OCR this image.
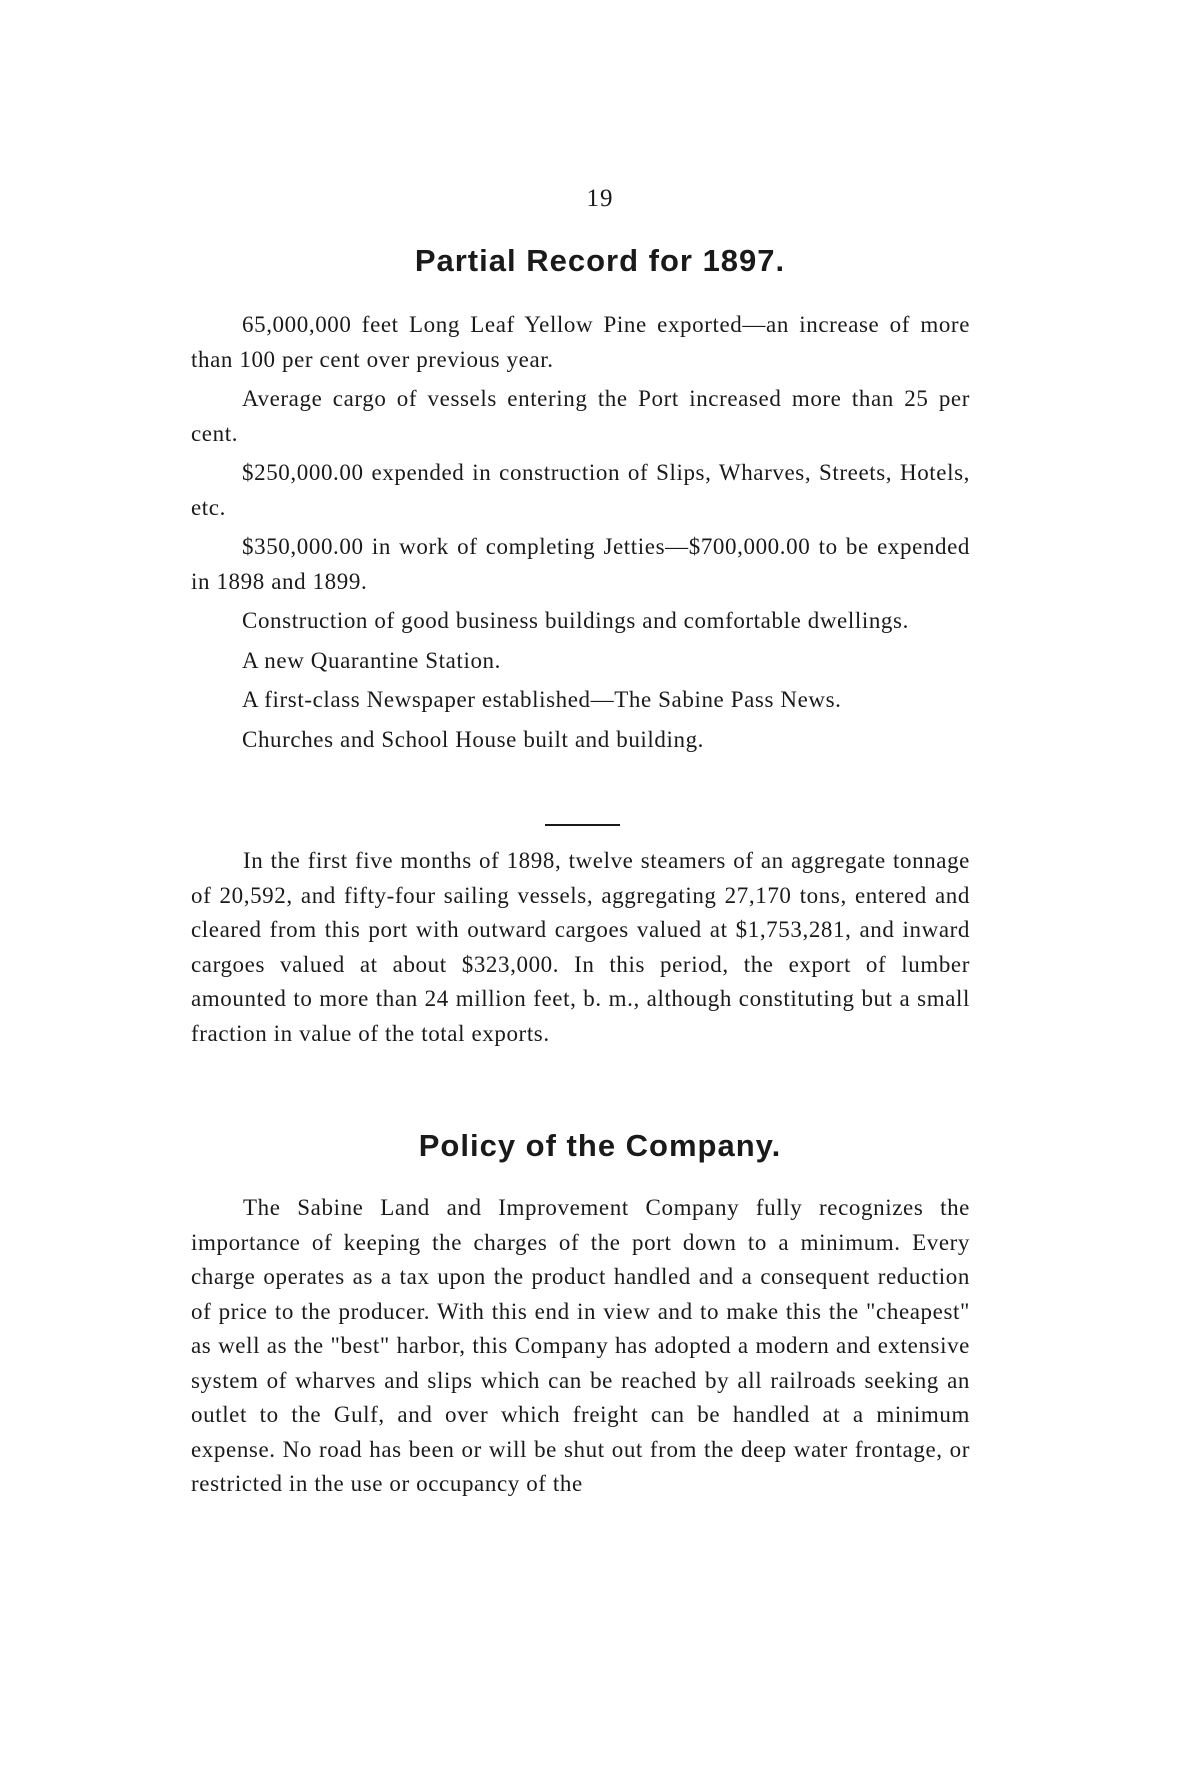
19
Partial Record for 1897.

65,000,000 feet Long Leaf Yellow Pine exported—an increase of more than 100 per cent over previous year.

Average cargo of vessels entering the Port increased more than 25 per cent.

$250,000.00 expended in construction of Slips, Wharves, Streets, Hotels, etc.

$350,000.00 in work of completing Jetties—$700,000.00 to be expended in 1898 and 1899.

Construction of good business buildings and comfortable dwellings.

A new Quarantine Station.

A first-class Newspaper established—The Sabine Pass News.

Churches and School House built and building.

In the first five months of 1898, twelve steamers of an aggregate tonnage of 20,592, and fifty-four sailing vessels, aggregating 27,170 tons, entered and cleared from this port with outward cargoes valued at $1,753,281, and inward cargoes valued at about $323,000. In this period, the export of lumber amounted to more than 24 million feet, b. m., although constituting but a small fraction in value of the total exports.

Policy of the Company.

The Sabine Land and Improvement Company fully recognizes the importance of keeping the charges of the port down to a minimum. Every charge operates as a tax upon the product handled and a consequent reduction of price to the producer. With this end in view and to make this the "cheapest" as well as the "best" harbor, this Company has adopted a modern and extensive system of wharves and slips which can be reached by all railroads seeking an outlet to the Gulf, and over which freight can be handled at a minimum expense. No road has been or will be shut out from the deep water frontage, or restricted in the use or occupancy of the
